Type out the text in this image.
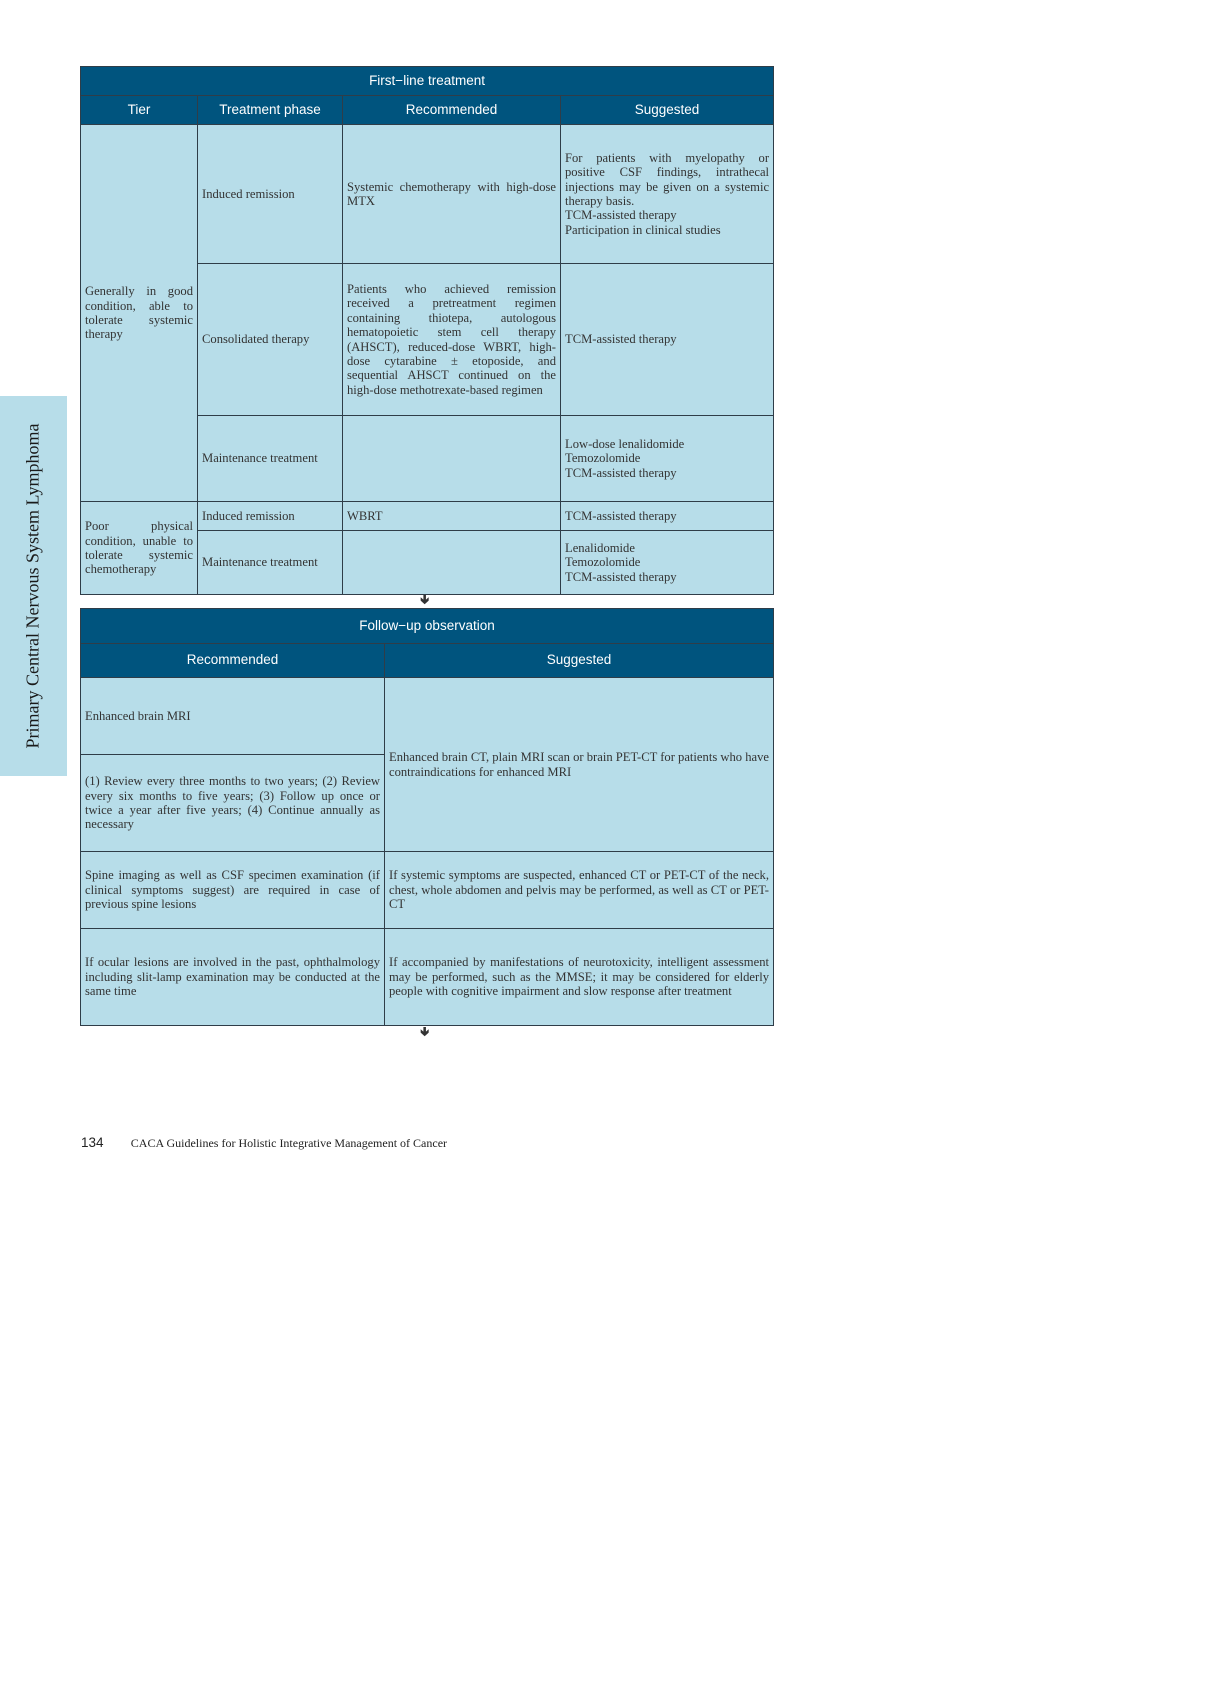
Primary Central Nervous System Lymphoma
First−line treatment			
Tier	Treatment phase	Recommended	Suggested
Generally in good condition, able to tolerate systemic therapy	Induced remission	Systemic chemotherapy with high-dose MTX	For patients with myelopathy or positive CSF findings, intrathecal injections may be given on a systemic therapy basis.
TCM-assisted therapy
Participation in clinical studies
	Consolidated therapy	Patients who achieved remission received a pretreatment regimen containing thiotepa, autologous hematopoietic stem cell therapy (AHSCT), reduced-dose WBRT, high-dose cytarabine ± etoposide, and sequential AHSCT continued on the high-dose methotrexate-based regimen	TCM-assisted therapy
	Maintenance treatment		Low-dose lenalidomide
Temozolomide
TCM-assisted therapy
Poor physical condition, unable to tolerate systemic chemotherapy	Induced remission	WBRT	TCM-assisted therapy
	Maintenance treatment		Lenalidomide
Temozolomide
TCM-assisted therapy
🢃
Follow−up observation	
Recommended	Suggested
Enhanced brain MRI	Enhanced brain CT, plain MRI scan or brain PET-CT for patients who have contraindications for enhanced MRI
(1) Review every three months to two years; (2) Review every six months to five years; (3) Follow up once or twice a year after five years; (4) Continue annually as necessary	
Spine imaging as well as CSF specimen examination (if clinical symptoms suggest) are required in case of previous spine lesions	If systemic symptoms are suspected, enhanced CT or PET-CT of the neck, chest, whole abdomen and pelvis may be performed, as well as CT or PET-CT
If ocular lesions are involved in the past, ophthalmology including slit-lamp examination may be conducted at the same time	If accompanied by manifestations of neurotoxicity, intelligent assessment may be performed, such as the MMSE; it may be considered for elderly people with cognitive impairment and slow response after treatment
🢃
134 CACA Guidelines for Holistic Integrative Management of Cancer
